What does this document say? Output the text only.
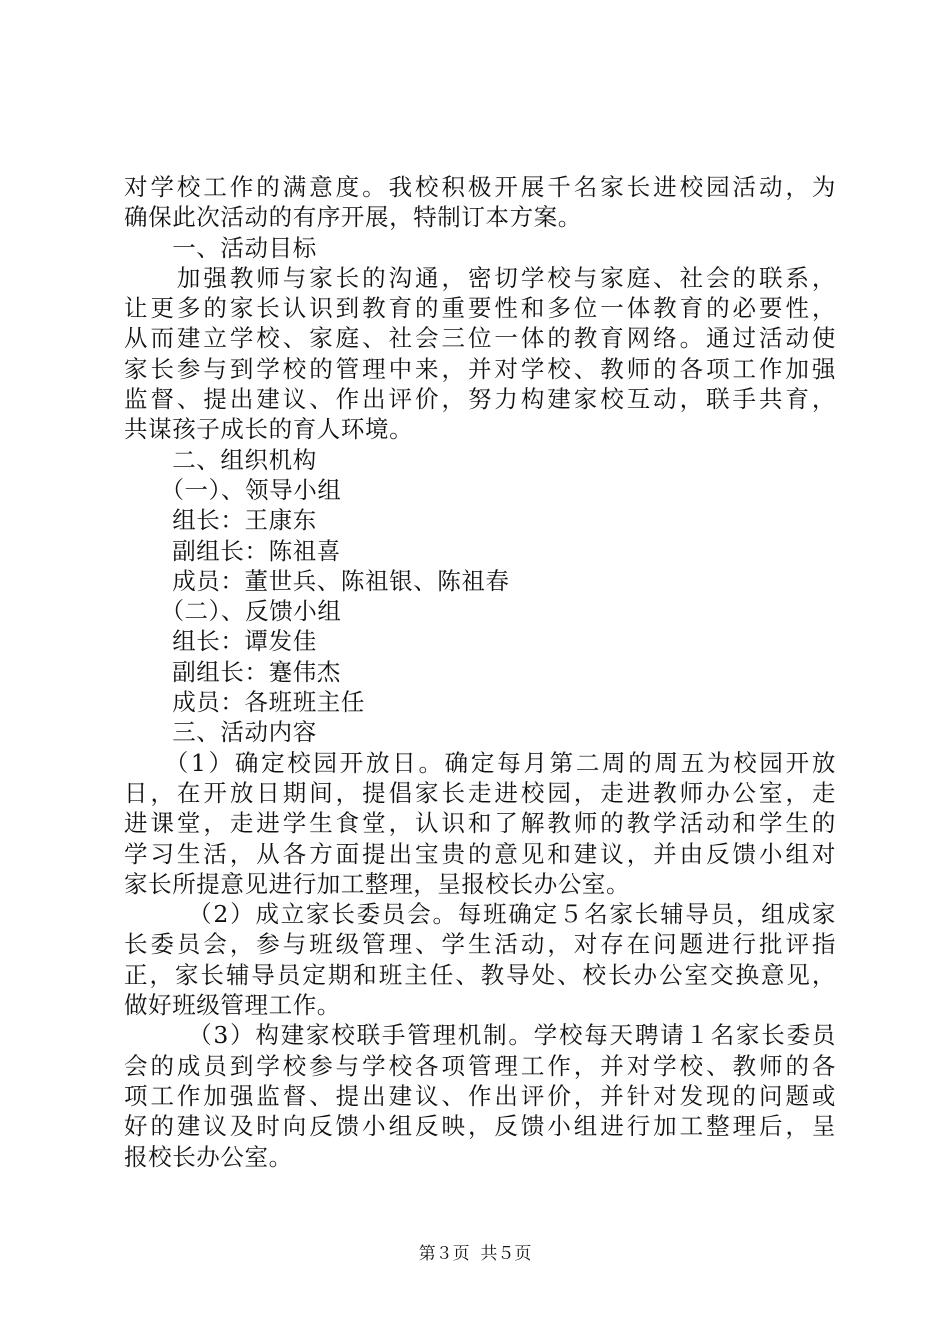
对学校工作的满意度。我校积极开展千名家长进校园活动，为
确保此次活动的有序开展，特制订本方案。
　　一、活动目标
　　加强教师与家长的沟通，密切学校与家庭、社会的联系，
让更多的家长认识到教育的重要性和多位一体教育的必要性，
从而建立学校、家庭、社会三位一体的教育网络。通过活动使
家长参与到学校的管理中来，并对学校、教师的各项工作加强
监督、提出建议、作出评价，努力构建家校互动，联手共育，
共谋孩子成长的育人环境。
　　二、组织机构
　　（一）、领导小组
　　组长：王康东
　　副组长：陈祖喜
　　成员：董世兵、陈祖银、陈祖春
　　（二）、反馈小组
　　组长：谭发佳
　　副组长：蹇伟杰
　　成员：各班班主任
　　三、活动内容
　　（1）确定校园开放日。确定每月第二周的周五为校园开放
日，在开放日期间，提倡家长走进校园，走进教师办公室，走
进课堂，走进学生食堂，认识和了解教师的教学活动和学生的
学习生活，从各方面提出宝贵的意见和建议，并由反馈小组对
家长所提意见进行加工整理，呈报校长办公室。
　　　（2）成立家长委员会。每班确定５名家长辅导员，组成家
长委员会，参与班级管理、学生活动，对存在问题进行批评指
正，家长辅导员定期和班主任、教导处、校长办公室交换意见，
做好班级管理工作。
　　　（3）构建家校联手管理机制。学校每天聘请１名家长委员
会的成员到学校参与学校各项管理工作，并对学校、教师的各
项工作加强监督、提出建议、作出评价，并针对发现的问题或
好的建议及时向反馈小组反映，反馈小组进行加工整理后，呈
报校长办公室。
第３页  共５页
